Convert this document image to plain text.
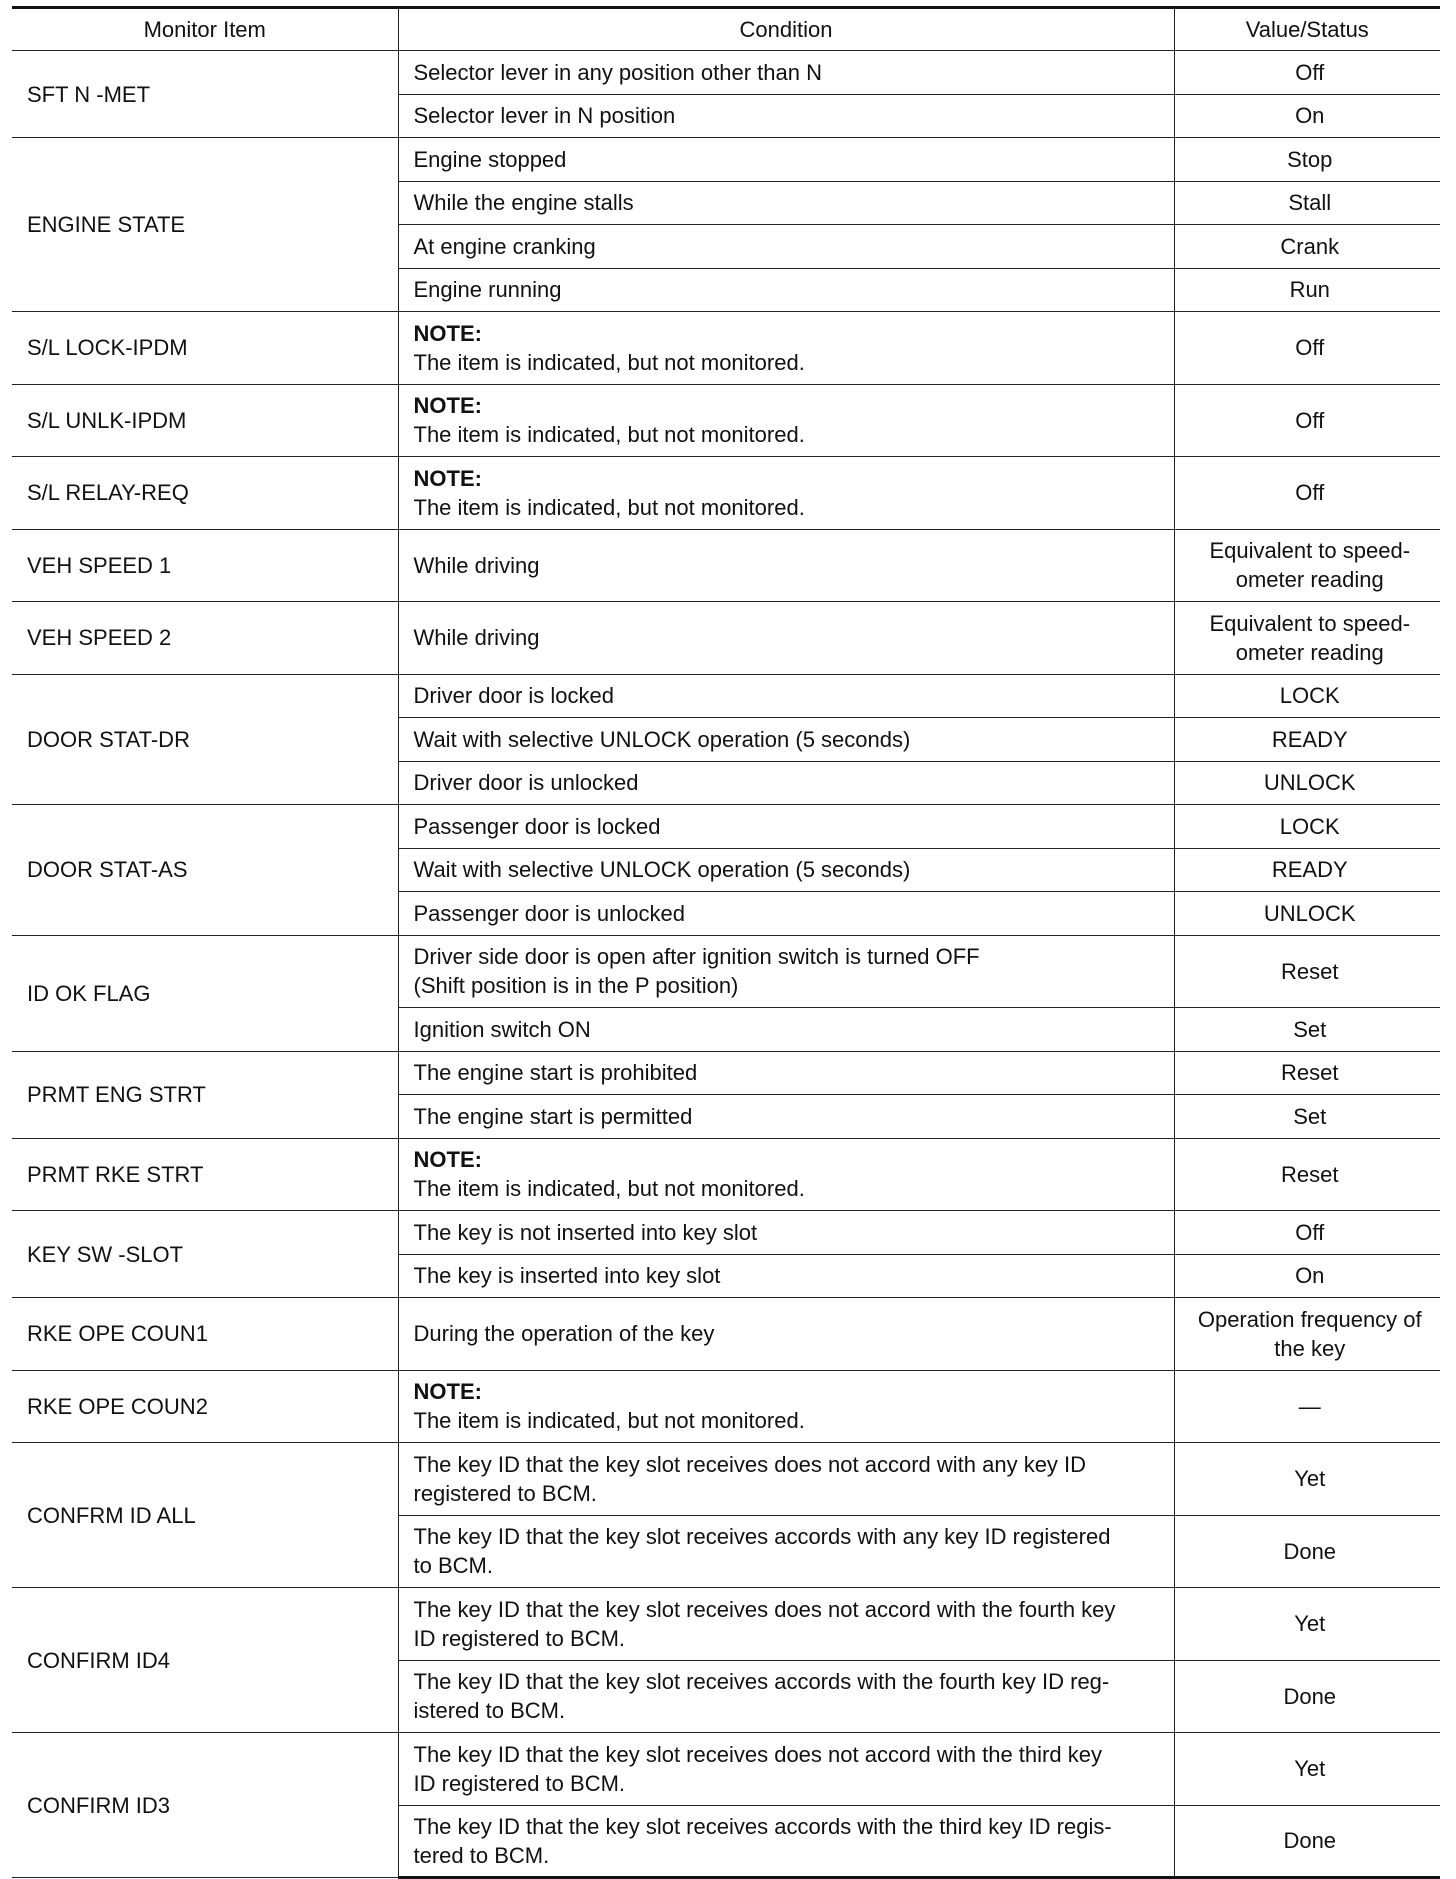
Monitor Item	Condition	Value/Status
SFT N -MET	Selector lever in any position other than N	Off
	Selector lever in N position	On
ENGINE STATE	Engine stopped	Stop
	While the engine stalls	Stall
	At engine cranking	Crank
	Engine running	Run
S/L LOCK-IPDM	NOTE:
The item is indicated, but not monitored.	Off
S/L UNLK-IPDM	NOTE:
The item is indicated, but not monitored.	Off
S/L RELAY-REQ	NOTE:
The item is indicated, but not monitored.	Off
VEH SPEED 1	While driving	Equivalent to speed-
ometer reading
VEH SPEED 2	While driving	Equivalent to speed-
ometer reading
DOOR STAT-DR	Driver door is locked	LOCK
	Wait with selective UNLOCK operation (5 seconds)	READY
	Driver door is unlocked	UNLOCK
DOOR STAT-AS	Passenger door is locked	LOCK
	Wait with selective UNLOCK operation (5 seconds)	READY
	Passenger door is unlocked	UNLOCK
ID OK FLAG	Driver side door is open after ignition switch is turned OFF
(Shift position is in the P position)	Reset
	Ignition switch ON	Set
PRMT ENG STRT	The engine start is prohibited	Reset
	The engine start is permitted	Set
PRMT RKE STRT	NOTE:
The item is indicated, but not monitored.	Reset
KEY SW -SLOT	The key is not inserted into key slot	Off
	The key is inserted into key slot	On
RKE OPE COUN1	During the operation of the key	Operation frequency of
the key
RKE OPE COUN2	NOTE:
The item is indicated, but not monitored.	—
CONFRM ID ALL	The key ID that the key slot receives does not accord with any key ID
registered to BCM.	Yet
	The key ID that the key slot receives accords with any key ID registered
to BCM.	Done
CONFIRM ID4	The key ID that the key slot receives does not accord with the fourth key
ID registered to BCM.	Yet
	The key ID that the key slot receives accords with the fourth key ID reg-
istered to BCM.	Done
CONFIRM ID3	The key ID that the key slot receives does not accord with the third key
ID registered to BCM.	Yet
	The key ID that the key slot receives accords with the third key ID regis-
tered to BCM.	Done
